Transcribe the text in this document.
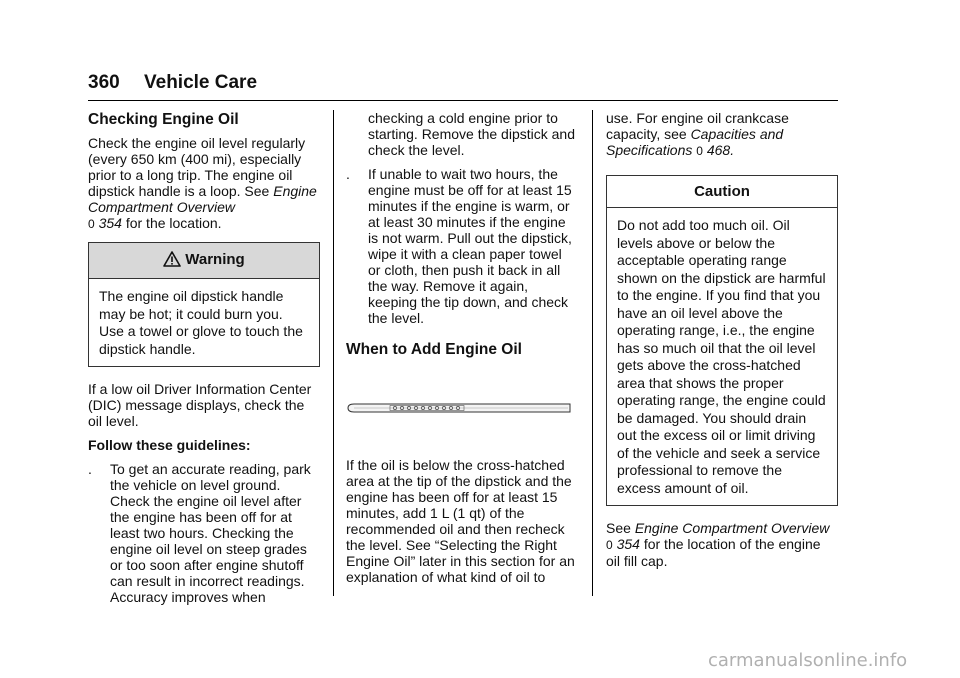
360 Vehicle Care
Checking Engine Oil

Check the engine oil level regularly (every 650 km (400 mi), especially prior to a long trip. The engine oil dipstick handle is a loop. See Engine Compartment Overview
0 354 for the location.

Warning
The engine oil dipstick handle may be hot; it could burn you. Use a towel or glove to touch the dipstick handle.

If a low oil Driver Information Center (DIC) message displays, check the oil level.

Follow these guidelines:

.	To get an accurate reading, park the vehicle on level ground. Check the engine oil level after the engine has been off for at least two hours. Checking the engine oil level on steep grades or too soon after engine shutoff can result in incorrect readings. Accuracy improves when
checking a cold engine prior to starting. Remove the dipstick and check the level.
.	If unable to wait two hours, the engine must be off for at least 15 minutes if the engine is warm, or at least 30 minutes if the engine is not warm. Pull out the dipstick, wipe it with a clean paper towel or cloth, then push it back in all the way. Remove it again, keeping the tip down, and check the level.
When to Add Engine Oil

If the oil is below the cross-hatched area at the tip of the dipstick and the engine has been off for at least 15 minutes, add 1 L (1 qt) of the recommended oil and then recheck the level. See “Selecting the Right Engine Oil” later in this section for an explanation of what kind of oil to

use. For engine oil crankcase capacity, see Capacities and Specifications 0 468.

Caution
Do not add too much oil. Oil levels above or below the acceptable operating range shown on the dipstick are harmful to the engine. If you find that you have an oil level above the operating range, i.e., the engine has so much oil that the oil level gets above the cross-hatched area that shows the proper operating range, the engine could be damaged. You should drain out the excess oil or limit driving of the vehicle and seek a service professional to remove the excess amount of oil.

See Engine Compartment Overview
0 354 for the location of the engine oil fill cap.

carmanualsonline.info
